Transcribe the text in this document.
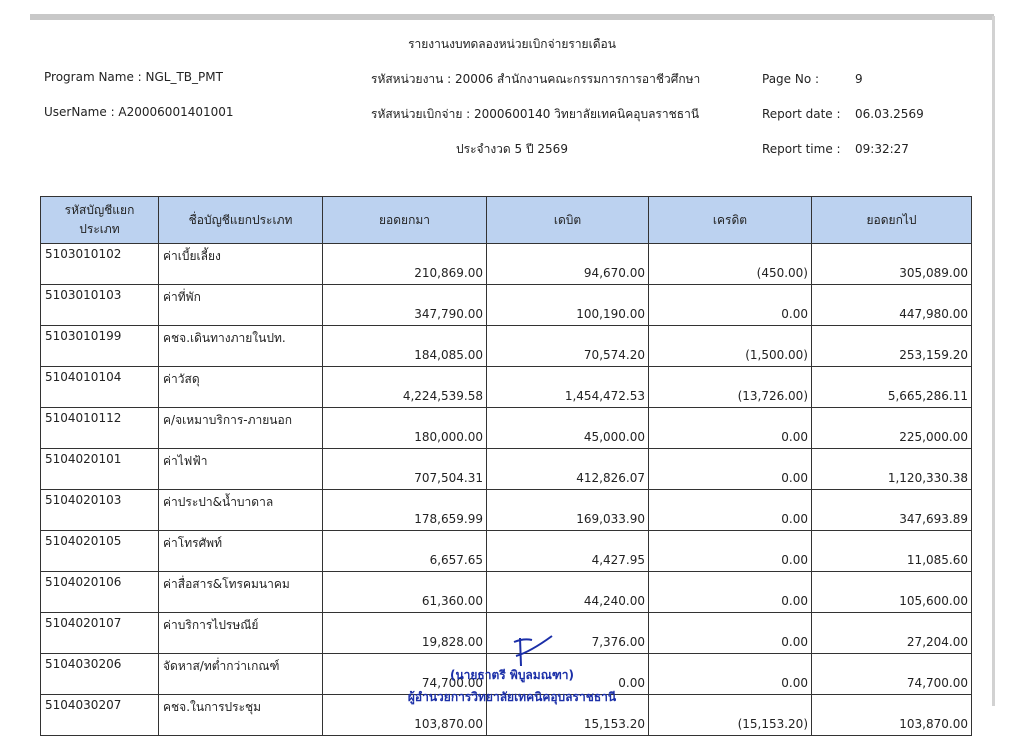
รายงานงบทดลองหน่วยเบิกจ่ายรายเดือน
Program Name : NGL_TB_PMT
UserName : A20006001401001
รหัสหน่วยงาน : 20006 สำนักงานคณะกรรมการการอาชีวศึกษา
รหัสหน่วยเบิกจ่าย : 2000600140 วิทยาลัยเทคนิคอุบลราชธานี
ประจำงวด 5 ปี 2569
Page No :	9
Report date : 06.03.2569
Report time : 09:32:27
รหัสบัญชีแยกประเภท	ชื่อบัญชีแยกประเภท	ยอดยกมา	เดบิต	เครดิต	ยอดยกไป
5103010102	ค่าเบี้ยเลี้ยง	210,869.00	94,670.00	(450.00)	305,089.00
5103010103	ค่าที่พัก	347,790.00	100,190.00	0.00	447,980.00
5103010199	คชจ.เดินทางภายในปท.	184,085.00	70,574.20	(1,500.00)	253,159.20
5104010104	ค่าวัสดุ	4,224,539.58	1,454,472.53	(13,726.00)	5,665,286.11
5104010112	ค/จเหมาบริการ-ภายนอก	180,000.00	45,000.00	0.00	225,000.00
5104020101	ค่าไฟฟ้า	707,504.31	412,826.07	0.00	1,120,330.38
5104020103	ค่าประปา&น้ำบาดาล	178,659.99	169,033.90	0.00	347,693.89
5104020105	ค่าโทรศัพท์	6,657.65	4,427.95	0.00	11,085.60
5104020106	ค่าสื่อสาร&โทรคมนาคม	61,360.00	44,240.00	0.00	105,600.00
5104020107	ค่าบริการไปรษณีย์	19,828.00	7,376.00	0.00	27,204.00
5104030206	จัดหาส/ทต่ำกว่าเกณฑ์	74,700.00	0.00	0.00	74,700.00
5104030207	คชจ.ในการประชุม	103,870.00	15,153.20	(15,153.20)	103,870.00
(นายธาตรี พิบูลมณฑา)
ผู้อำนวยการวิทยาลัยเทคนิคอุบลราชธานี
